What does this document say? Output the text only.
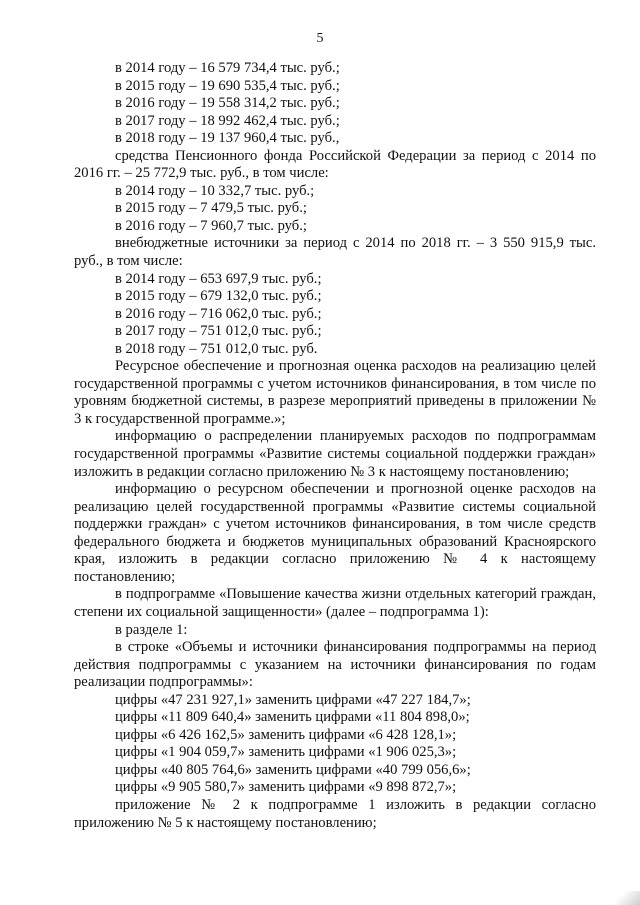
5

в 2014 году – 16 579 734,4 тыс. руб.;

в 2015 году – 19 690 535,4 тыс. руб.;

в 2016 году – 19 558 314,2 тыс. руб.;

в 2017 году – 18 992 462,4 тыс. руб.;

в 2018 году – 19 137 960,4 тыс. руб.,

средства Пенсионного фонда Российской Федерации за период с 2014 по 2016 гг. – 25 772,9 тыс. руб., в том числе:

в 2014 году – 10 332,7 тыс. руб.;

в 2015 году – 7 479,5 тыс. руб.;

в 2016 году – 7 960,7 тыс. руб.;

внебюджетные источники за период с 2014 по 2018 гг. – 3 550 915,9 тыс. руб., в том числе:

в 2014 году – 653 697,9 тыс. руб.;

в 2015 году – 679 132,0 тыс. руб.;

в 2016 году – 716 062,0 тыс. руб.;

в 2017 году – 751 012,0 тыс. руб.;

в 2018 году – 751 012,0 тыс. руб.

Ресурсное обеспечение и прогнозная оценка расходов на реализацию целей государственной программы с учетом источников финансирования, в том числе по уровням бюджетной системы, в разрезе мероприятий приведены в приложении № 3 к государственной программе.»;

информацию о распределении планируемых расходов по подпрограммам государственной программы «Развитие системы социальной поддержки граждан» изложить в редакции согласно приложению № 3 к настоящему постановлению;

информацию о ресурсном обеспечении и прогнозной оценке расходов на реализацию целей государственной программы «Развитие системы социальной поддержки граждан» с учетом источников финансирования, в том числе средств федерального бюджета и бюджетов муниципальных образований Красноярского края, изложить в редакции согласно приложению № 4 к настоящему постановлению;

в подпрограмме «Повышение качества жизни отдельных категорий граждан, степени их социальной защищенности» (далее – подпрограмма 1):

в разделе 1:

в строке «Объемы и источники финансирования подпрограммы на период действия подпрограммы с указанием на источники финансирования по годам реализации подпрограммы»:

цифры «47 231 927,1» заменить цифрами «47 227 184,7»;

цифры «11 809 640,4» заменить цифрами «11 804 898,0»;

цифры «6 426 162,5» заменить цифрами «6 428 128,1»;

цифры «1 904 059,7» заменить цифрами «1 906 025,3»;

цифры «40 805 764,6» заменить цифрами «40 799 056,6»;

цифры «9 905 580,7» заменить цифрами «9 898 872,7»;

приложение № 2 к подпрограмме 1 изложить в редакции согласно приложению № 5 к настоящему постановлению;
